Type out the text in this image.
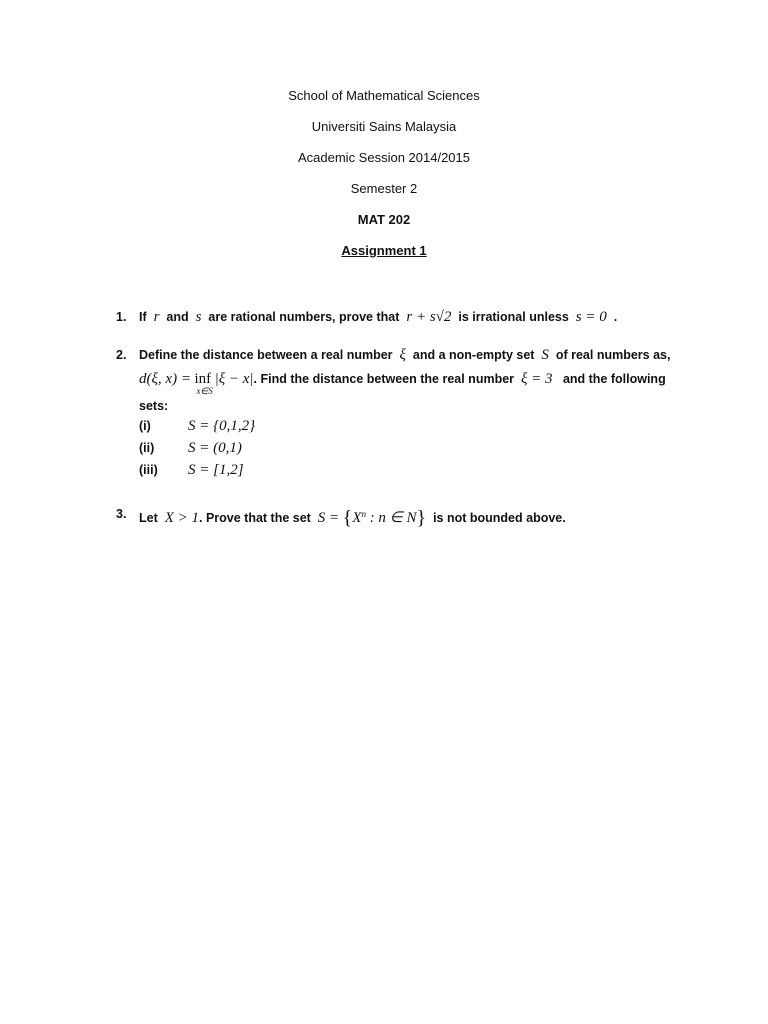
School of Mathematical Sciences
Universiti Sains Malaysia
Academic Session 2014/2015
Semester 2
MAT 202
Assignment 1
1. If r and s are rational numbers, prove that r + s√2 is irrational unless s = 0 .
2. Define the distance between a real number ξ and a non-empty set S of real numbers as,
d(ξ, x) = inf
x∈S
|ξ − x|. Find the distance between the real number ξ = 3 and the following
sets:
(i) S = {0,1,2}
(ii) S = (0,1)
(iii) S = [1,2]
3. Let X > 1. Prove that the set $S = \{X^n$ : n ∈ N} is not bounded above.
